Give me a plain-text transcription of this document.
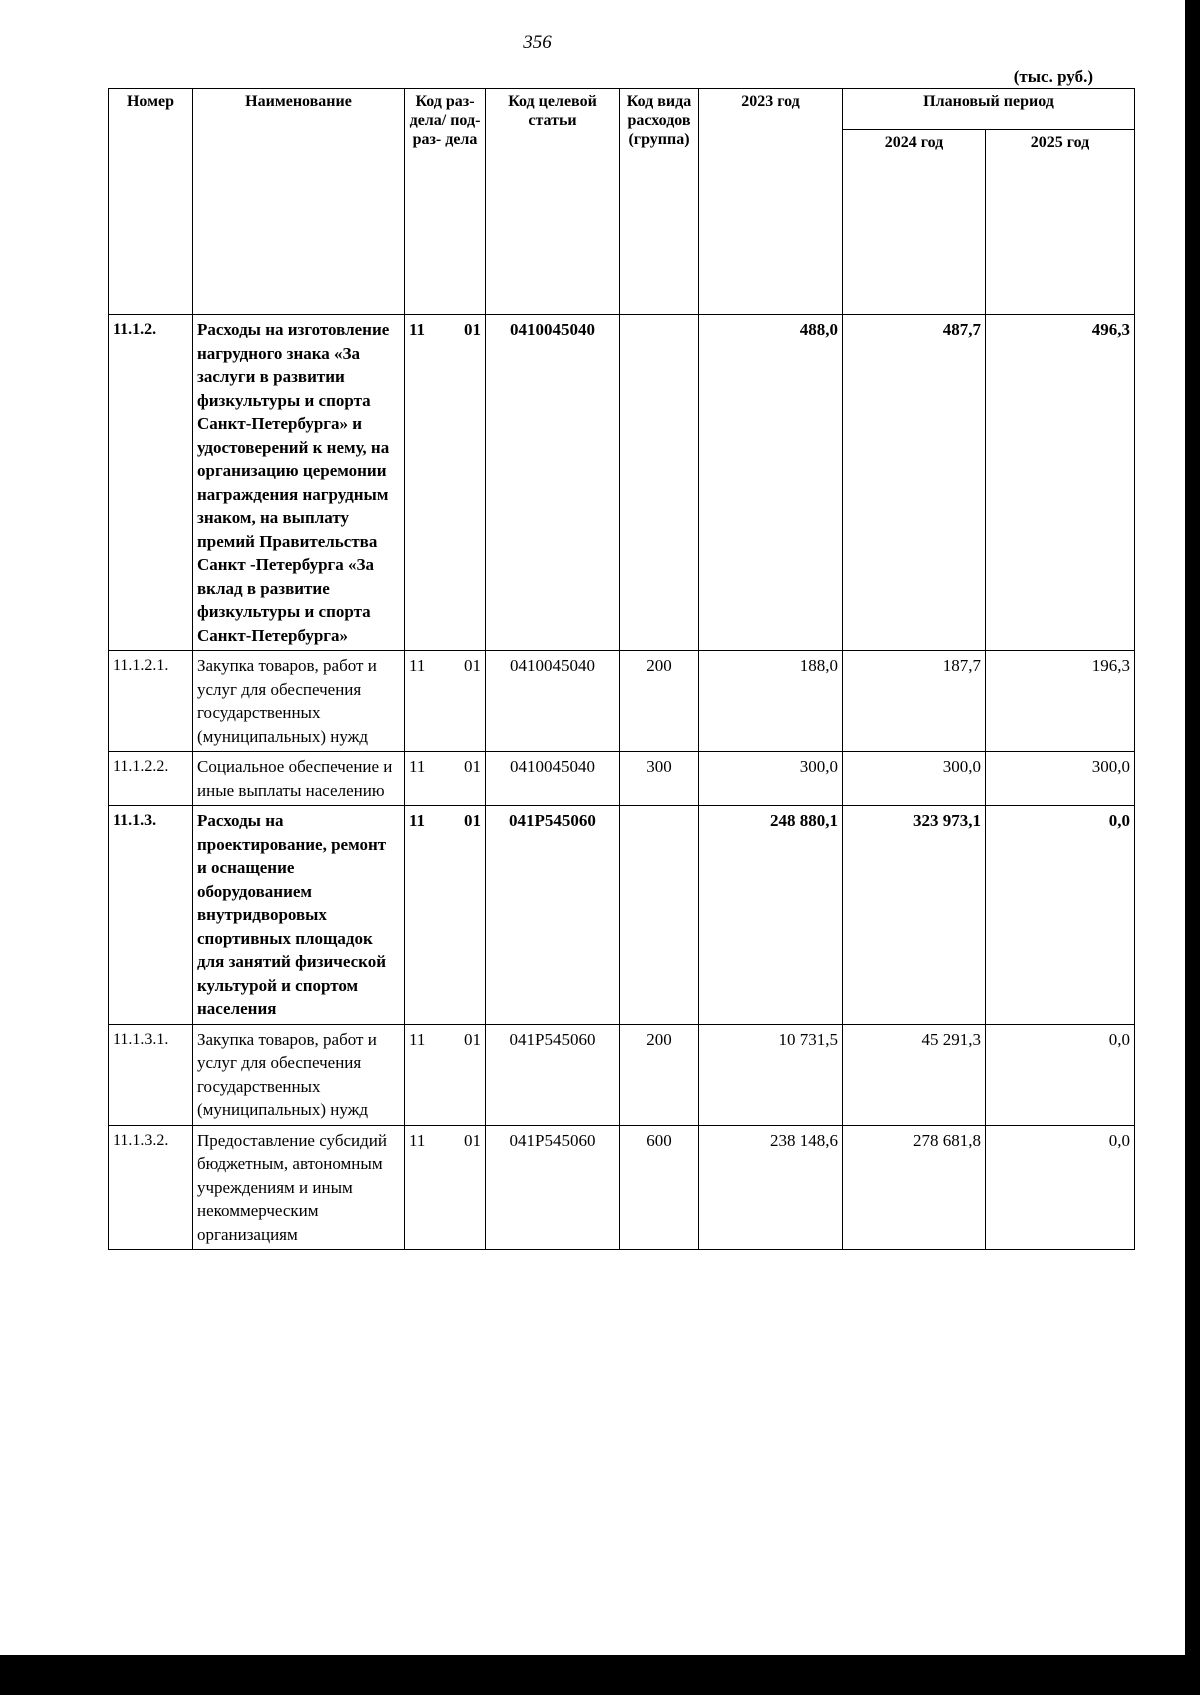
356
(тыс. руб.)
Номер	Наименование	Код раз- дела/ под- раз- дела	Код целевой статьи	Код вида расходов (группа)	2023 год	Плановый период	
						2024 год	2025 год
11.1.2.	Расходы на изготовление нагрудного знака «За заслуги в развитии физкультуры и спорта Санкт-Петербурга» и удостоверений к нему, на организацию церемонии награждения нагрудным знаком, на выплату премий Правительства Санкт -Петербурга «За вклад в развитие физкультуры и спорта Санкт-Петербурга»	11 01	0410045040		488,0	487,7	496,3
11.1.2.1.	Закупка товаров, работ и услуг для обеспечения государственных (муниципальных) нужд	11 01	0410045040	200	188,0	187,7	196,3
11.1.2.2.	Социальное обеспечение и иные выплаты населению	11 01	0410045040	300	300,0	300,0	300,0
11.1.3.	Расходы на проектирование, ремонт и оснащение оборудованием внутридворовых спортивных площадок для занятий физической культурой и спортом населения	11 01	041Р545060		248 880,1	323 973,1	0,0
11.1.3.1.	Закупка товаров, работ и услуг для обеспечения государственных (муниципальных) нужд	11 01	041Р545060	200	10 731,5	45 291,3	0,0
11.1.3.2.	Предоставление субсидий бюджетным, автономным учреждениям и иным некоммерческим организациям	11 01	041Р545060	600	238 148,6	278 681,8	0,0
